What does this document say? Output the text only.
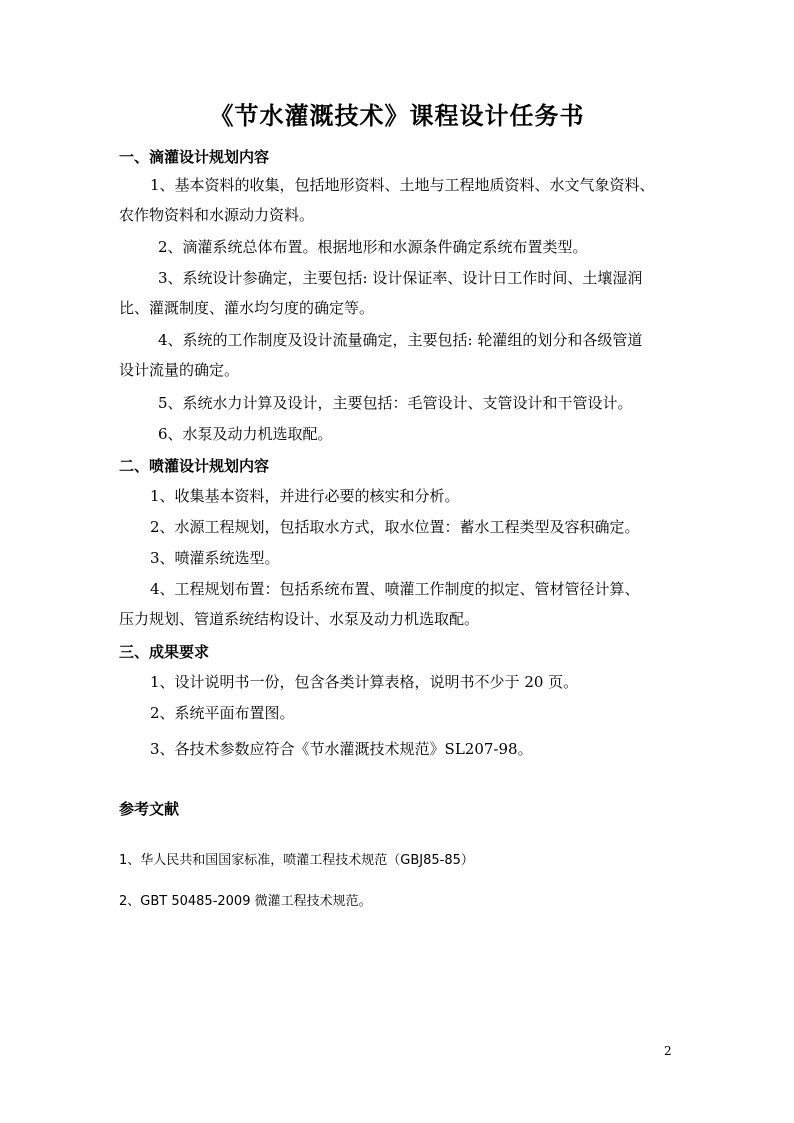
《节水灌溉技术》课程设计任务书
一、滴灌设计规划内容
1、基本资料的收集，包括地形资料、土地与工程地质资料、水文气象资料、
农作物资料和水源动力资料。
2、滴灌系统总体布置。根据地形和水源条件确定系统布置类型。
3、系统设计参确定，主要包括: 设计保证率、设计日工作时间、土壤湿润
比、灌溉制度、灌水均匀度的确定等。
4、系统的工作制度及设计流量确定，主要包括: 轮灌组的划分和各级管道
设计流量的确定。
5、系统水力计算及设计，主要包括：毛管设计、支管设计和干管设计。
6、水泵及动力机选取配。
二、喷灌设计规划内容
1、收集基本资料，并进行必要的核实和分析。
2、水源工程规划，包括取水方式，取水位置：蓄水工程类型及容积确定。
3、喷灌系统选型。
4、工程规划布置：包括系统布置、喷灌工作制度的拟定、管材管径计算、
压力规划、管道系统结构设计、水泵及动力机选取配。
三、成果要求
1、设计说明书一份，包含各类计算表格，说明书不少于 20 页。
2、系统平面布置图。
3、各技术参数应符合《节水灌溉技术规范》SL207-98。
参考文献
1、华人民共和国国家标准，喷灌工程技术规范（GBJ85-85）
2、GBT 50485-2009 微灌工程技术规范。
2
